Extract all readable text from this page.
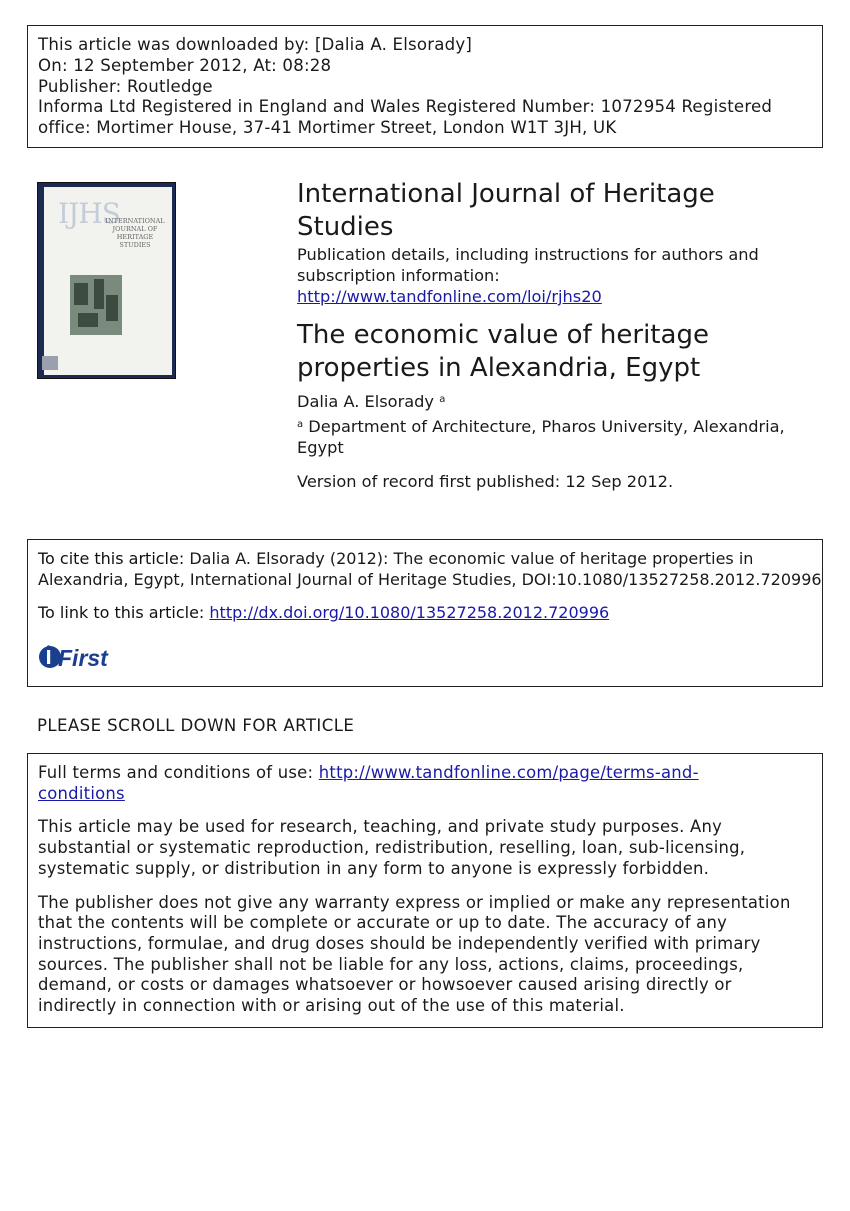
This article was downloaded by: [Dalia A. Elsorady]
On: 12 September 2012, At: 08:28
Publisher: Routledge
Informa Ltd Registered in England and Wales Registered Number: 1072954 Registered
office: Mortimer House, 37-41 Mortimer Street, London W1T 3JH, UK
IJHS
INTERNATIONAL
JOURNAL OF
HERITAGE
STUDIES
International Journal of Heritage
Studies
Publication details, including instructions for authors and
subscription information:
http://www.tandfonline.com/loi/rjhs20
The economic value of heritage
properties in Alexandria, Egypt
Dalia A. Elsorady $^a$
$^a$ Department of Architecture, Pharos University, Alexandria,
Egypt
Version of record first published: 12 Sep 2012.
To cite this article: Dalia A. Elsorady (2012): The economic value of heritage properties in
Alexandria, Egypt, International Journal of Heritage Studies, DOI:10.1080/13527258.2012.720996
To link to this article: http://dx.doi.org/10.1080/13527258.2012.720996
First
PLEASE SCROLL DOWN FOR ARTICLE

Full terms and conditions of use: http://www.tandfonline.com/page/terms-and-
conditions

This article may be used for research, teaching, and private study purposes. Any
substantial or systematic reproduction, redistribution, reselling, loan, sub-licensing,
systematic supply, or distribution in any form to anyone is expressly forbidden.

The publisher does not give any warranty express or implied or make any representation
that the contents will be complete or accurate or up to date. The accuracy of any
instructions, formulae, and drug doses should be independently verified with primary
sources. The publisher shall not be liable for any loss, actions, claims, proceedings,
demand, or costs or damages whatsoever or howsoever caused arising directly or
indirectly in connection with or arising out of the use of this material.
